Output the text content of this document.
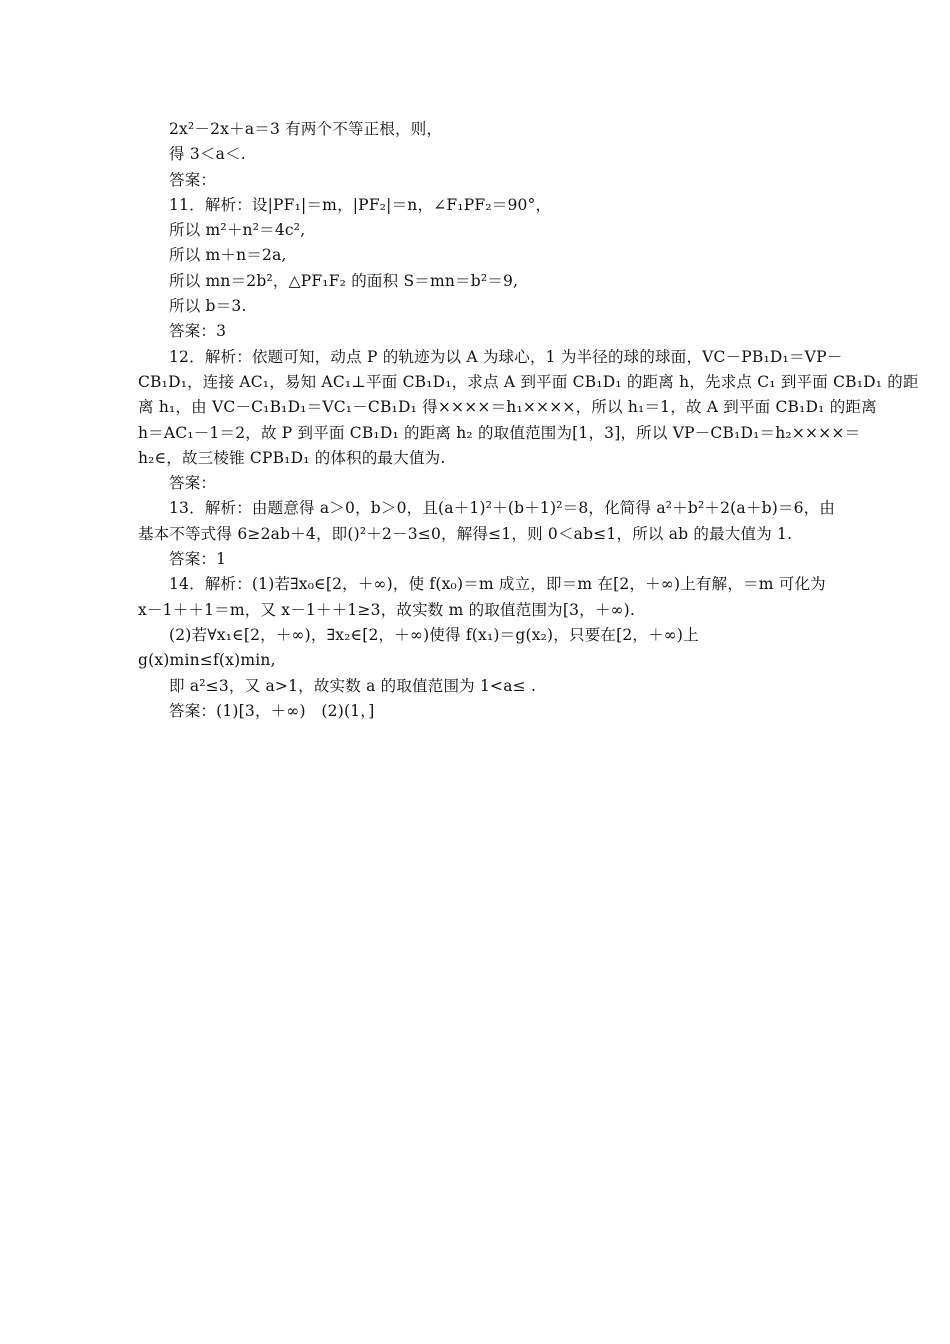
2x²－2x＋a＝3 有两个不等正根，则，
得 3＜a＜.
答案：
11．解析：设|PF₁|＝m，|PF₂|＝n，∠F₁PF₂＝90°，
所以 m²＋n²＝4c²,
所以 m＋n＝2a,
所以 mn＝2b²，△PF₁F₂ 的面积 S＝mn＝b²＝9,
所以 b＝3.
答案：3
12．解析：依题可知，动点 P 的轨迹为以 A 为球心，1 为半径的球的球面，VC－PB₁D₁＝VP－
CB₁D₁，连接 AC₁，易知 AC₁⊥平面 CB₁D₁，求点 A 到平面 CB₁D₁ 的距离 h，先求点 C₁ 到平面 CB₁D₁ 的距
离 h₁，由 VC－C₁B₁D₁＝VC₁－CB₁D₁ 得××××＝h₁××××，所以 h₁＝1，故 A 到平面 CB₁D₁ 的距离
h＝AC₁－1＝2，故 P 到平面 CB₁D₁ 的距离 h₂ 的取值范围为[1，3]，所以 VP－CB₁D₁＝h₂××××＝
h₂∈，故三棱锥 CPB₁D₁ 的体积的最大值为.
答案：
13．解析：由题意得 a＞0，b＞0，且(a＋1)²＋(b＋1)²＝8，化简得 a²＋b²＋2(a＋b)＝6，由
基本不等式得 6≥2ab＋4，即()²＋2－3≤0，解得≤1，则 0＜ab≤1，所以 ab 的最大值为 1.
答案：1
14．解析：(1)若∃x₀∈[2，＋∞)，使 f(x₀)＝m 成立，即＝m 在[2，＋∞)上有解，＝m 可化为
x－1＋＋1＝m，又 x－1＋＋1≥3，故实数 m 的取值范围为[3，＋∞).
(2)若∀x₁∈[2，＋∞)，∃x₂∈[2，＋∞)使得 f(x₁)＝g(x₂)，只要在[2，＋∞)上
g(x)min≤f(x)min,
即 a²≤3，又 a>1，故实数 a 的取值范围为 1<a≤ .
答案：(1)[3，＋∞)　(2)(1，]
